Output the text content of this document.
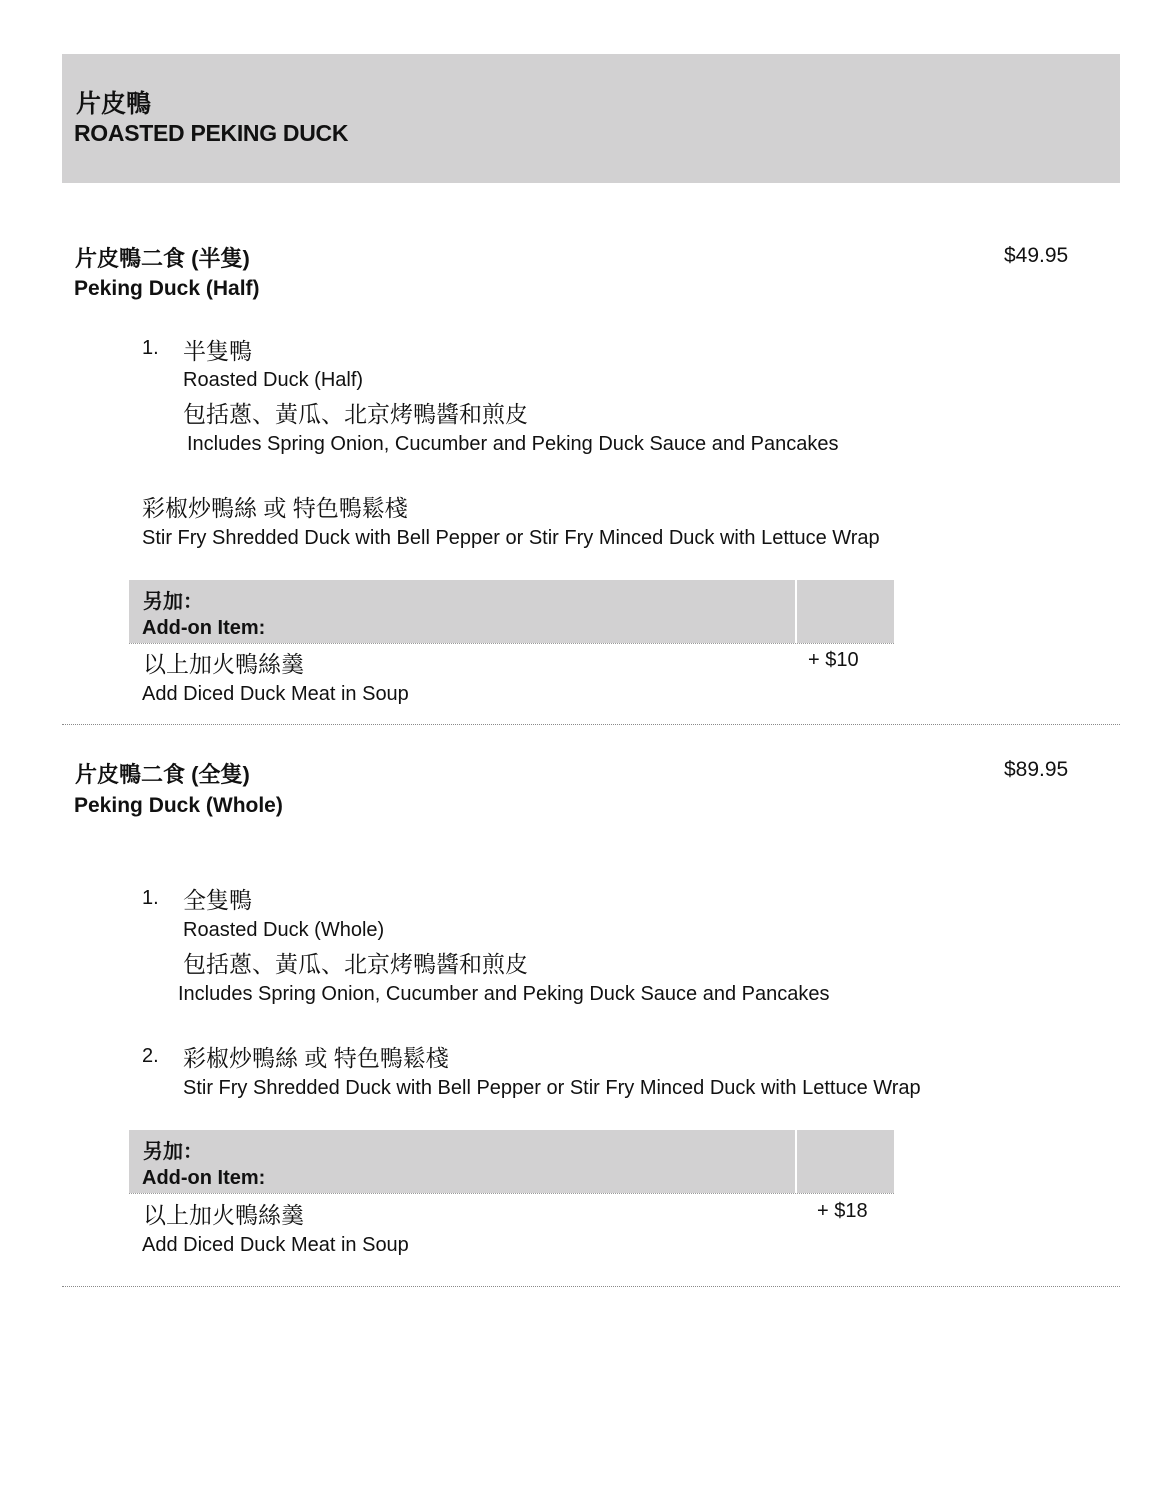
片皮鴨
ROASTED PEKING DUCK
片皮鴨二食 (半隻)
Peking Duck (Half)
$49.95
1. 半隻鴨
Roasted Duck (Half)
包括蔥、黃瓜、北京烤鴨醬和煎皮
Includes Spring Onion, Cucumber and Peking Duck Sauce and Pancakes
彩椒炒鴨絲 或 特色鴨鬆棧
Stir Fry Shredded Duck with Bell Pepper or Stir Fry Minced Duck with Lettuce Wrap
另加：
Add-on Item:
以上加火鴨絲羹
Add Diced Duck Meat in Soup
+ $10
片皮鴨二食 (全隻)
Peking Duck (Whole)
$89.95
1. 全隻鴨
Roasted Duck (Whole)
包括蔥、黃瓜、北京烤鴨醬和煎皮
Includes Spring Onion, Cucumber and Peking Duck Sauce and Pancakes
2. 彩椒炒鴨絲 或 特色鴨鬆棧
Stir Fry Shredded Duck with Bell Pepper or Stir Fry Minced Duck with Lettuce Wrap
另加：
Add-on Item:
以上加火鴨絲羹
Add Diced Duck Meat in Soup
+ $18
